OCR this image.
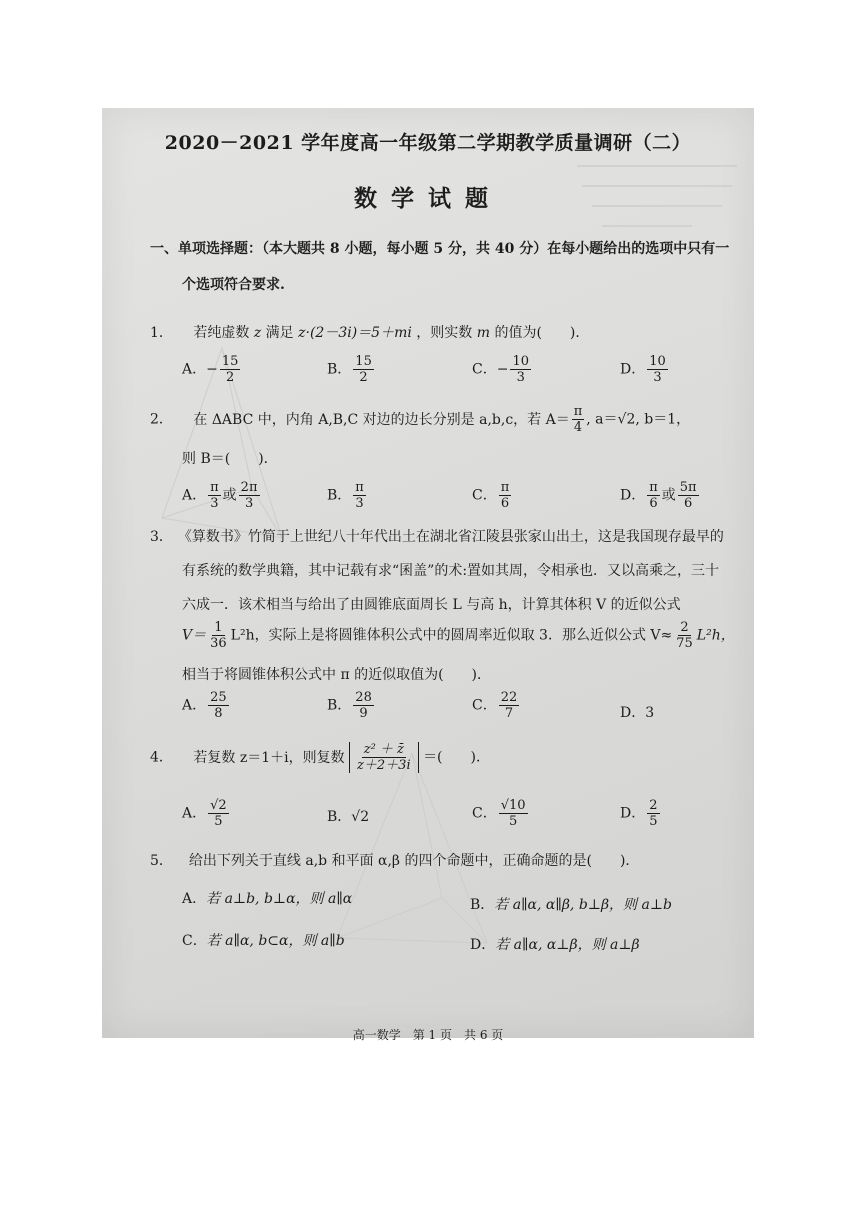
2020－2021 学年度高一年级第二学期教学质量调研（二）
数学试题
一、单项选择题：（本大题共 8 小题，每小题 5 分，共 40 分）在每小题给出的选项中只有一
个选项符合要求.
1． 若纯虚数 z 满足 z·(2－3i)＝5＋mi ，则实数 m 的值为(　　)．
A．− $\frac{15}{2}$	B． $\frac{15}{2}$	C．− $\frac{10}{3}$	D． $\frac{10}{3}$
2． 在 ΔABC 中，内角 A,B,C 对边的边长分别是 a,b,c，若 $A= \frac{\pi}{4}$ , a＝√2, b＝1，
则 B＝(　　)．
A． $\frac{\pi}{3}$ 或 $\frac{2\pi}{3}$	B． $\frac{\pi}{3}$	C． $\frac{\pi}{6}$	D． $\frac{\pi}{6}$ 或 $\frac{5\pi}{6}$
3． 《算数书》竹简于上世纪八十年代出土在湖北省江陵县张家山出土，这是我国现存最早的
有系统的数学典籍，其中记载有求“囷盖”的术:置如其周，令相承也．又以高乘之，三十
六成一．该术相当与给出了由圆锥底面周长 L 与高 h，计算其体积 V 的近似公式
$V= \frac{1}{36} L^2h$，实际上是将圆锥体积公式中的圆周率近似取 3．那么近似公式 $V\approx \frac{2}{75} L^2h$，
相当于将圆锥体积公式中 π 的近似取值为(　　)．
A． $\frac{25}{8}$	B． $\frac{28}{9}$	C． $\frac{22}{7}$	D．3
4． 若复数 z＝1＋i，则复数 $\frac{\text{z² ＋ z̄}}{z+2+3i}$ ＝(　　)．
A． $\frac{√2}{5}$	B．√2	C． $\frac{√10}{5}$	D． $\frac{2}{5}$
5． 给出下列关于直线 a,b 和平面 α,β 的四个命题中，正确命题的是(　　)．
A．若 a⊥b, b⊥α，则 a∥α	B．若 a∥α, α∥β, b⊥β，则 a⊥b
C．若 a∥α, b⊂α，则 a∥b	D．若 a∥α, α⊥β，则 a⊥β
高一数学　第 1 页　共 6 页
